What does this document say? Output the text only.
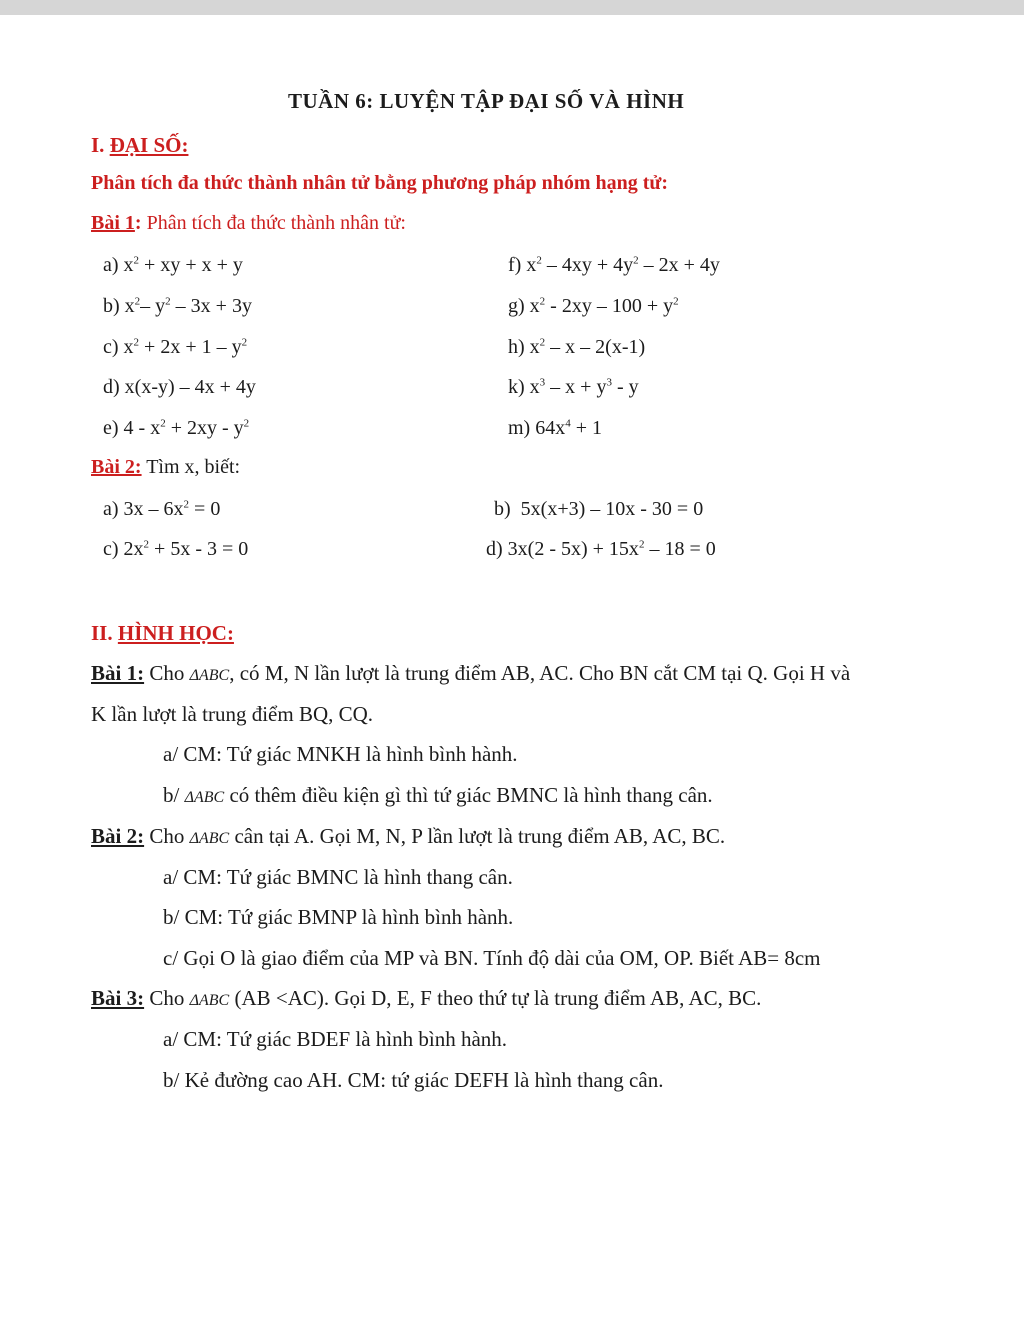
TUẦN 6: LUYỆN TẬP ĐẠI SỐ VÀ HÌNH
I. ĐẠI SỐ:
Phân tích đa thức thành nhân tử bằng phương pháp nhóm hạng tử:
Bài 1: Phân tích đa thức thành nhân tử:
a) $x^2$ + xy + x + y
b) $x^2-$ $y^2 - 3x + 3y$
c) $x^2 + 2x + 1 - y^2$
d) x(x-y) – 4x + 4y
e) $4 - x^2 + 2xy - y^2$
f) $x^2 - 4xy + 4y^2 - 2x + 4y$
g) $x^2 - 2xy - 100 + y^2$
h) $x^2$ – x – 2(x-1)
k) $x^3 - x + y^3 - y$
m) $64x^4 + 1$
Bài 2: Tìm x, biết:
a) $3x - 6x^2 = 0$	b) 5x(x+3) – 10x - 30 = 0
c) $2x^2 + 5x - 3 = 0$	d) $3x(2 - 5x) + 15x^2 - 18 = 0$
II. HÌNH HỌC:
Bài 1: Cho ΔABC, có M, N lần lượt là trung điểm AB, AC. Cho BN cắt CM tại Q. Gọi H và
K lần lượt là trung điểm BQ, CQ.
a/ CM: Tứ giác MNKH là hình bình hành.
b/ ΔABC có thêm điều kiện gì thì tứ giác BMNC là hình thang cân.
Bài 2: Cho ΔABC cân tại A. Gọi M, N, P lần lượt là trung điểm AB, AC, BC.
a/ CM: Tứ giác BMNC là hình thang cân.
b/ CM: Tứ giác BMNP là hình bình hành.
c/ Gọi O là giao điểm của MP và BN. Tính độ dài của OM, OP. Biết AB= 8cm
Bài 3: Cho ΔABC (AB <AC). Gọi D, E, F theo thứ tự là trung điểm AB, AC, BC.
a/ CM: Tứ giác BDEF là hình bình hành.
b/ Kẻ đường cao AH. CM: tứ giác DEFH là hình thang cân.
